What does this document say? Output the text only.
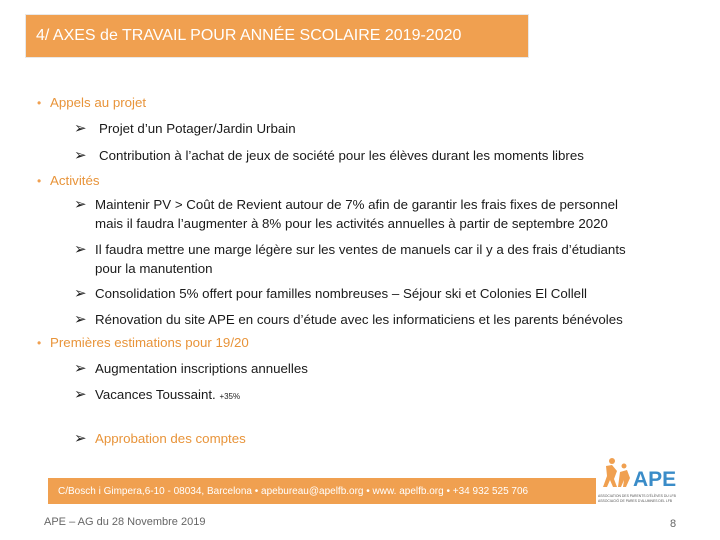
4/ AXES de TRAVAIL POUR ANNÉE SCOLAIRE 2019-2020
• Appels au projet
➢ Projet d’un Potager/Jardin Urbain
➢ Contribution à l’achat de jeux de société pour les élèves durant les moments libres
• Activités
➢ Maintenir PV > Coût de Revient autour de 7% afin de garantir les frais fixes de personnel
mais il faudra l’augmenter à 8% pour les activités annuelles à partir de septembre 2020
➢ Il faudra mettre une marge légère sur les ventes de manuels car il y a des frais d’étudiants
pour la manutention
➢ Consolidation 5% offert pour familles nombreuses – Séjour ski et Colonies El Collell
➢ Rénovation du site APE en cours d’étude avec les informaticiens et les parents bénévoles
• Premières estimations pour 19/20
➢ Augmentation inscriptions annuelles
➢ Vacances Toussaint. +35%
➢ Approbation des comptes
C/Bosch i Gimpera,6-10 - 08034, Barcelona • apebureau@apelfb.org • www. apelfb.org • +34 932 525 706	APE
ASSOCIATION DES PARENTS D’ÉLÈVES DU LFB
ASSOCIACIÓ DE PARES D’ALUMNES DEL LFB
APE – AG du 28 Novembre 2019	8
